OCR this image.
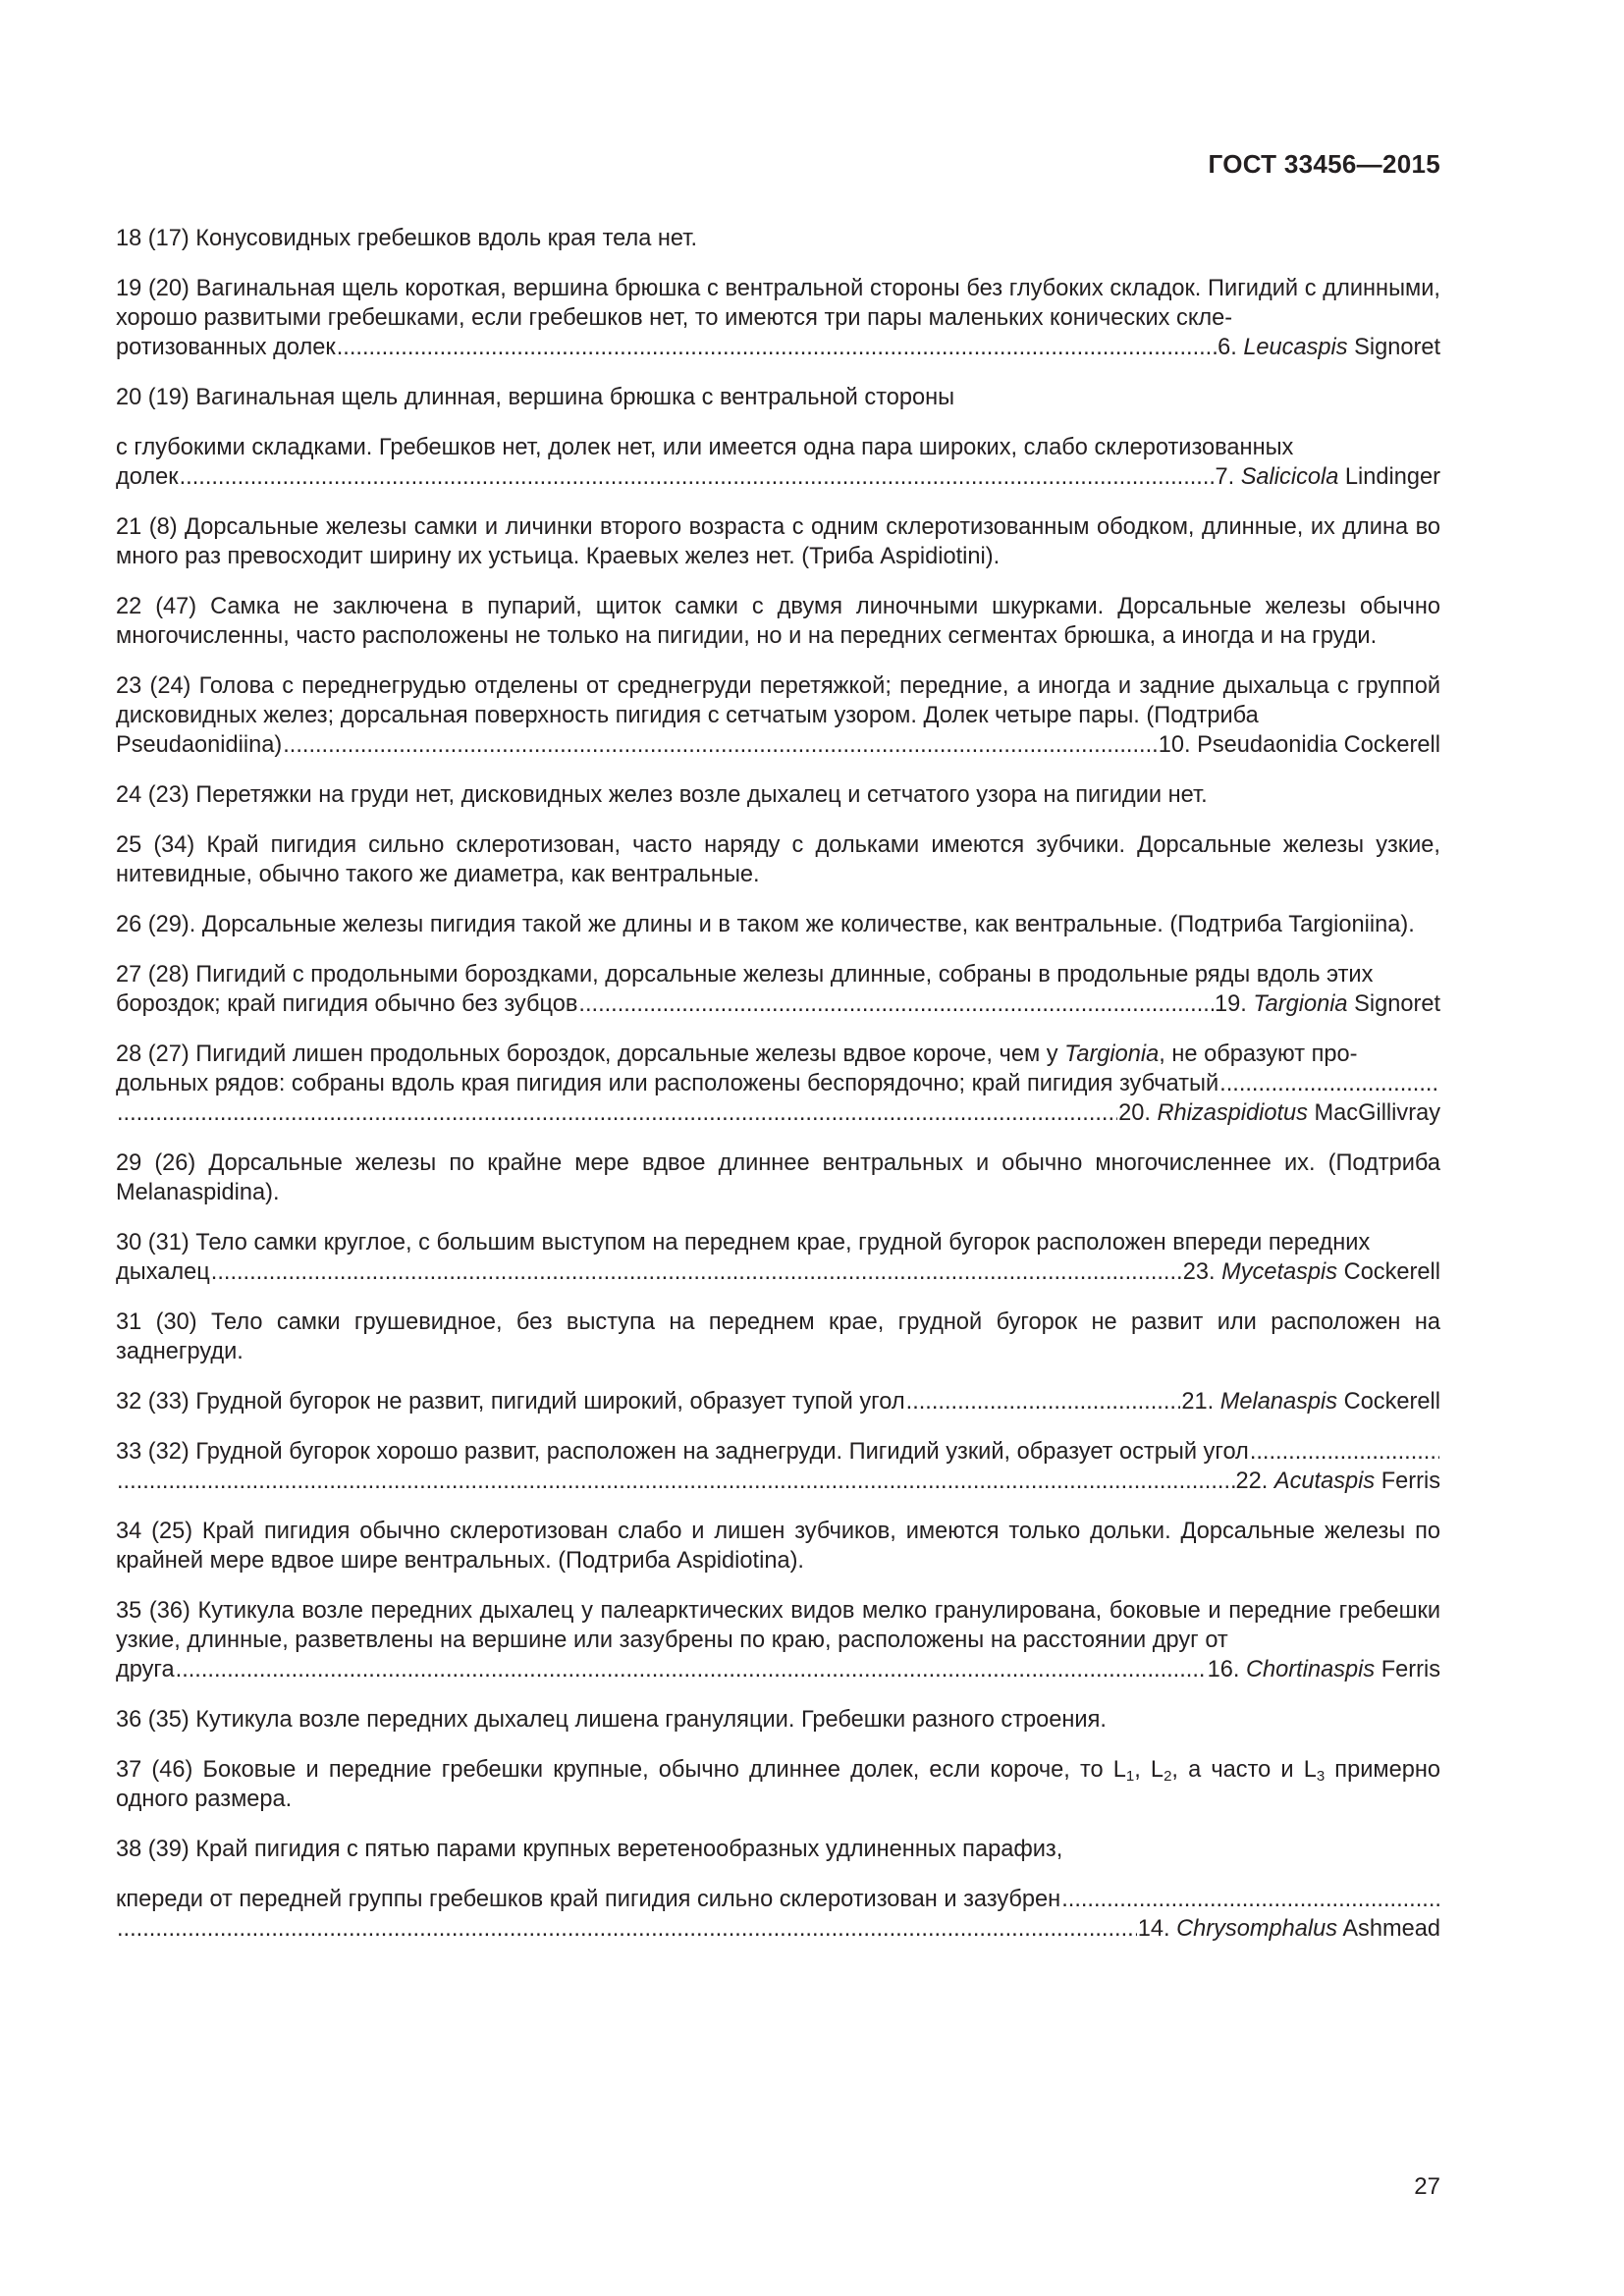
ГОСТ 33456—2015
18 (17) Конусовидных гребешков вдоль края тела нет.
19 (20) Вагинальная щель короткая, вершина брюшка с вентральной стороны без глубоких складок. Пигидий с длинными, хорошо развитыми гребешками, если гребешков нет, то имеются три пары маленьких конических скле-
ротизованных долек .....	6. Leucaspis Signoret
20 (19) Вагинальная щель длинная, вершина брюшка с вентральной стороны
с глубокими складками. Гребешков нет, долек нет, или имеется одна пара широких, слабо склеротизованных
долек .....	7. Salicicola Lindinger
21 (8) Дорсальные железы самки и личинки второго возраста с одним склеротизованным ободком, длинные, их длина во много раз превосходит ширину их устьица. Краевых желез нет. (Триба Aspidiotini).
22 (47) Самка не заключена в пупарий, щиток самки с двумя линочными шкурками. Дорсальные железы обычно многочисленны, часто расположены не только на пигидии, но и на передних сегментах брюшка, а иногда и на груди.
23 (24) Голова с переднегрудью отделены от среднегруди перетяжкой; передние, а иногда и задние дыхальца с группой дисковидных желез; дорсальная поверхность пигидия с сетчатым узором. Долек четыре пары. (Подтриба
Pseudaonidiina) .....	10. Pseudaonidia Cockerell
24 (23) Перетяжки на груди нет, дисковидных желез возле дыхалец и сетчатого узора на пигидии нет.
25 (34) Край пигидия сильно склеротизован, часто наряду с дольками имеются зубчики. Дорсальные железы узкие, нитевидные, обычно такого же диаметра, как вентральные.
26 (29). Дорсальные железы пигидия такой же длины и в таком же количестве, как вентральные. (Подтриба Targioniina).
27 (28) Пигидий с продольными бороздками, дорсальные железы длинные, собраны в продольные ряды вдоль этих
бороздок; край пигидия обычно без зубцов .....	19. Targionia Signoret
28 (27) Пигидий лишен продольных бороздок, дорсальные железы вдвое короче, чем у Targionia, не образуют про-
дольных рядов: собраны вдоль края пигидия или расположены беспорядочно; край пигидия зубчатый
.....
.....
20. Rhizaspidiotus MacGillivray
29 (26) Дорсальные железы по крайне мере вдвое длиннее вентральных и обычно многочисленнее их. (Подтриба Melanaspidina).
30 (31) Тело самки круглое, с большим выступом на переднем крае, грудной бугорок расположен впереди передних
дыхалец .....	23. Mycetaspis Cockerell
31 (30) Тело самки грушевидное, без выступа на переднем крае, грудной бугорок не развит или расположен на заднегруди.
32 (33) Грудной бугорок не развит, пигидий широкий, образует тупой угол .....	21. Melanaspis Cockerell
33 (32) Грудной бугорок хорошо развит, расположен на заднегруди. Пигидий узкий, образует острый угол
.....
.....
22. Acutaspis Ferris
34 (25) Край пигидия обычно склеротизован слабо и лишен зубчиков, имеются только дольки. Дорсальные железы по крайней мере вдвое шире вентральных. (Подтриба Aspidiotina).
35 (36) Кутикула возле передних дыхалец у палеарктических видов мелко гранулирована, боковые и передние гребешки узкие, длинные, разветвлены на вершине или зазубрены по краю, расположены на расстоянии друг от
друга .....	16. Chortinaspis Ferris
36 (35) Кутикула возле передних дыхалец лишена грануляции. Гребешки разного строения.
37 (46) Боковые и передние гребешки крупные, обычно длиннее долек, если короче, то $L_1$, $L_2$, а часто и $L_3$ примерно одного размера.
38 (39) Край пигидия с пятью парами крупных веретенообразных удлиненных парафиз,
кпереди от передней группы гребешков край пигидия сильно склеротизован и зазубрен
.....
.....
14. Chrysomphalus Ashmead
27
